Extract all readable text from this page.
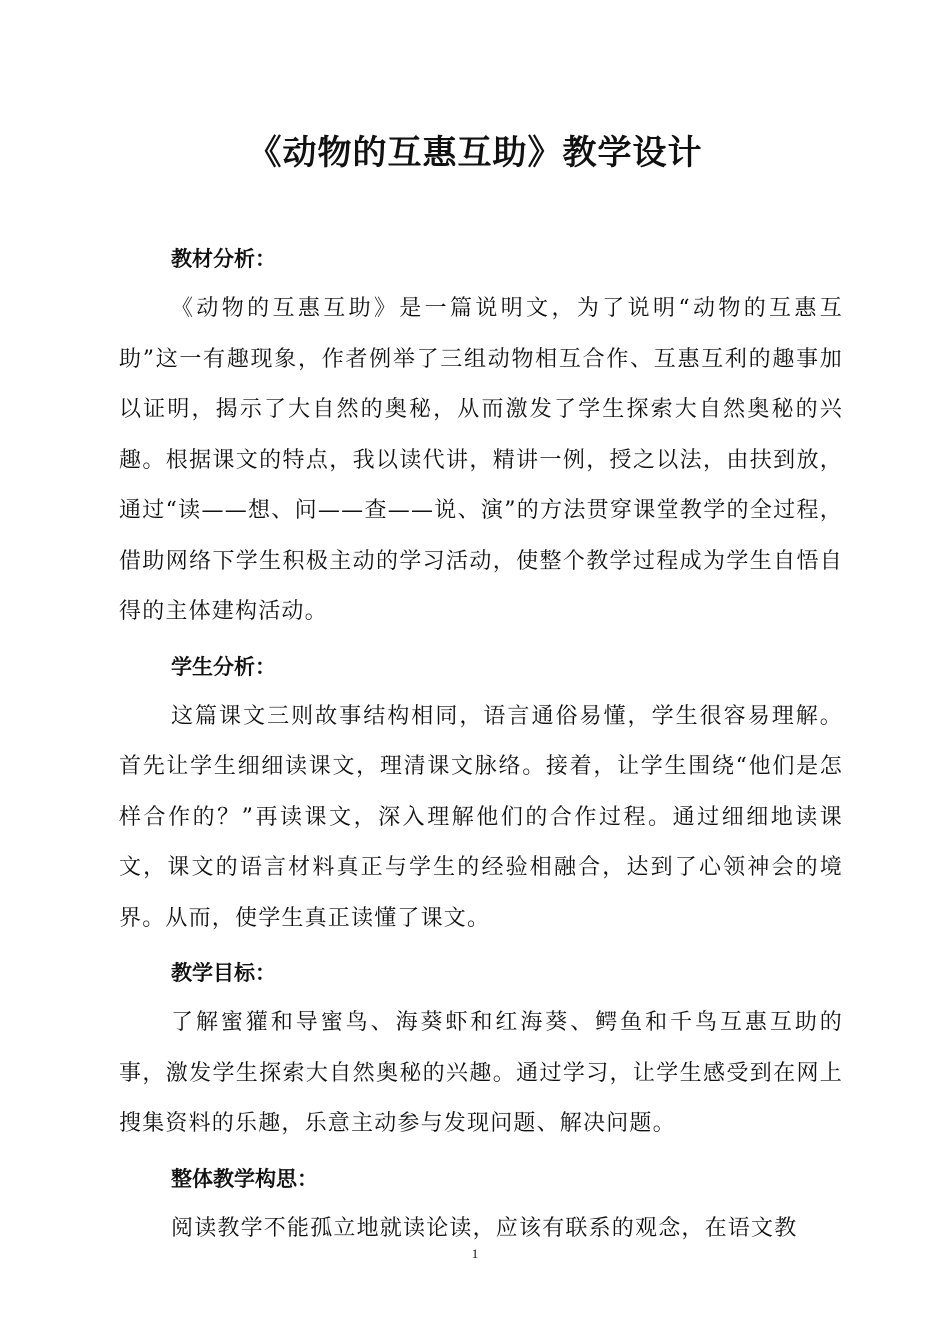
《动物的互惠互助》教学设计
教材分析：

《动物的互惠互助》是一篇说明文，为了说明“动物的互惠互助”这一有趣现象，作者例举了三组动物相互合作、互惠互利的趣事加以证明，揭示了大自然的奥秘，从而激发了学生探索大自然奥秘的兴趣。根据课文的特点，我以读代讲，精讲一例，授之以法，由扶到放，通过“读——想、问——查——说、演”的方法贯穿课堂教学的全过程，借助网络下学生积极主动的学习活动，使整个教学过程成为学生自悟自得的主体建构活动。

学生分析：

这篇课文三则故事结构相同，语言通俗易懂，学生很容易理解。首先让学生细细读课文，理清课文脉络。接着，让学生围绕“他们是怎样合作的？”再读课文，深入理解他们的合作过程。通过细细地读课文，课文的语言材料真正与学生的经验相融合，达到了心领神会的境界。从而，使学生真正读懂了课文。

教学目标：

了解蜜獾和导蜜鸟、海葵虾和红海葵、鳄鱼和千鸟互惠互助的事，激发学生探索大自然奥秘的兴趣。通过学习，让学生感受到在网上搜集资料的乐趣，乐意主动参与发现问题、解决问题。

整体教学构思：

阅读教学不能孤立地就读论读，应该有联系的观念，在语文教

1
